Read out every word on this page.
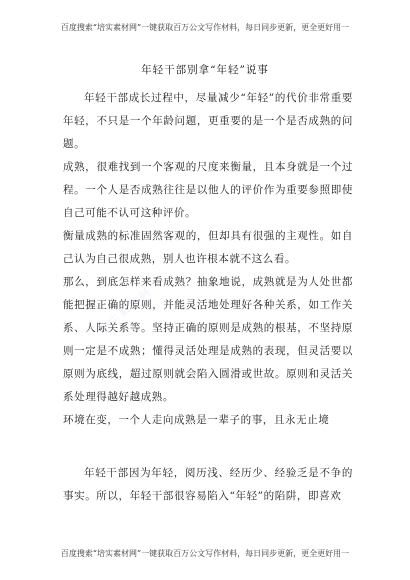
百度搜索“培实素材网”一键获取百万公文写作材料，每日同步更新，更全更好用一
年轻干部别拿“年轻”说事

年轻干部成长过程中，尽量减少“年轻”的代价非常重要年轻，不只是一个年龄问题，更重要的是一个是否成熟的问题。

成熟，很难找到一个客观的尺度来衡量，且本身就是一个过程。一个人是否成熟往往是以他人的评价作为重要参照即使自己可能不认可这种评价。

衡量成熟的标准固然客观的，但却具有很强的主观性。如自己认为自己很成熟，别人也许根本就不这么看。

那么，到底怎样来看成熟？抽象地说，成熟就是为人处世都能把握正确的原则，并能灵活地处理好各种关系，如工作关系、人际关系等。坚持正确的原则是成熟的根基，不坚持原则一定是不成熟；懂得灵活处理是成熟的表现，但灵活要以原则为底线，超过原则就会陷入圆滑或世故。原则和灵活关系处理得越好越成熟。

环境在变，一个人走向成熟是一辈子的事，且永无止境

年轻干部因为年轻，阅历浅、经历少、经验乏是不争的事实。所以，年轻干部很容易陷入“年轻”的陷阱，即喜欢

培实素材网
百度搜索“培实素材网”一键获取百万公文写作材料，每日同步更新，更全更好用一
